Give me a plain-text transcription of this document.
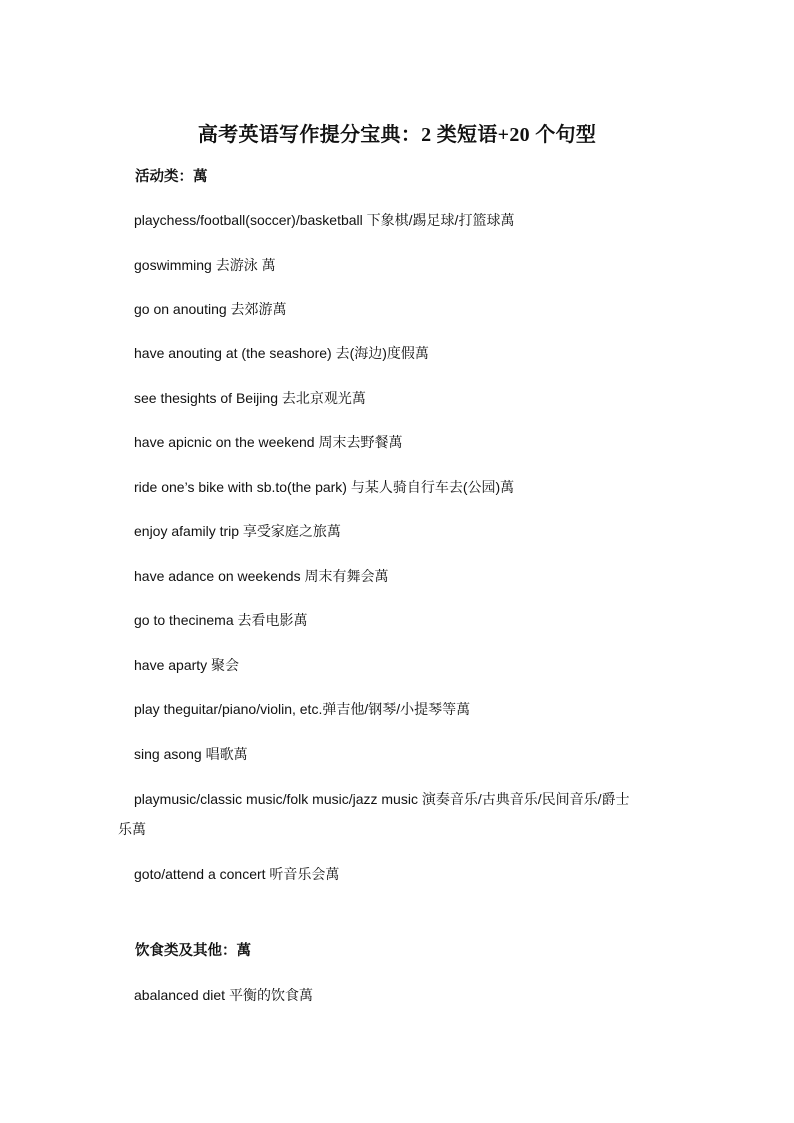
高考英语写作提分宝典：2 类短语+20 个句型
活动类：萬
playchess/football(soccer)/basketball 下象棋/踢足球/打篮球萬
goswimming 去游泳 萬
go on anouting 去郊游萬
have anouting at (the seashore) 去(海边)度假萬
see thesights of Beijing 去北京观光萬
have apicnic on the weekend 周末去野餐萬
ride one’s bike with sb.to(the park) 与某人骑自行车去(公园)萬
enjoy afamily trip 享受家庭之旅萬
have adance on weekends 周末有舞会萬
go to thecinema 去看电影萬
have aparty 聚会
play theguitar/piano/violin, etc.弹吉他/钢琴/小提琴等萬
sing asong 唱歌萬
playmusic/classic music/folk music/jazz music 演奏音乐/古典音乐/民间音乐/爵士
乐萬
goto/attend a concert 听音乐会萬
饮食类及其他：萬
abalanced diet 平衡的饮食萬
